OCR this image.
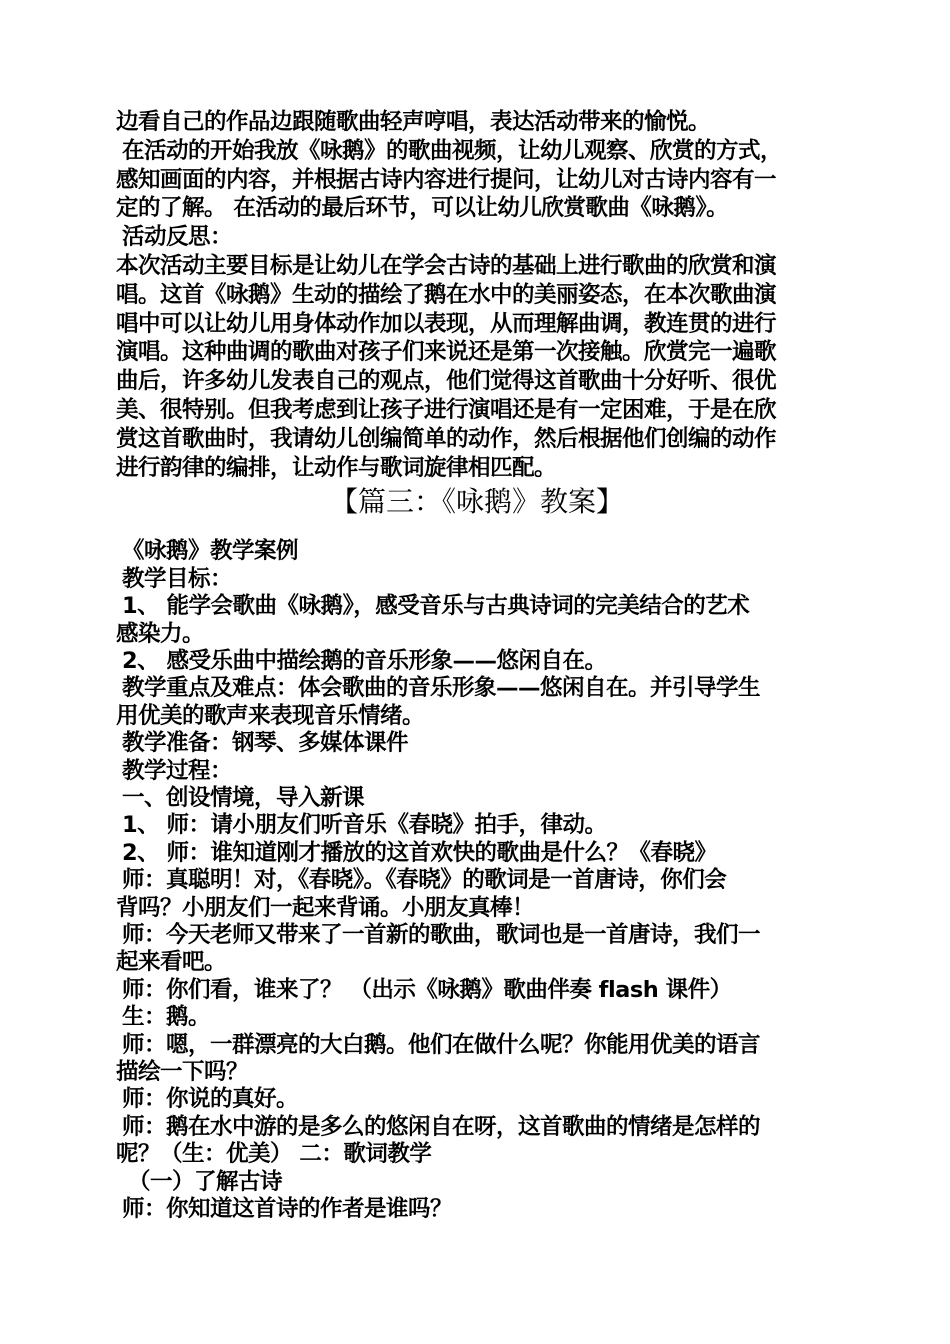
边看自己的作品边跟随歌曲轻声哼唱，表达活动带来的愉悦。

在活动的开始我放《咏鹅》的歌曲视频，让幼儿观察、欣赏的方式，

感知画面的内容，并根据古诗内容进行提问，让幼儿对古诗内容有一

定的了解。 在活动的最后环节，可以让幼儿欣赏歌曲《咏鹅》。

活动反思：

本次活动主要目标是让幼儿在学会古诗的基础上进行歌曲的欣赏和演

唱。这首《咏鹅》生动的描绘了鹅在水中的美丽姿态，在本次歌曲演

唱中可以让幼儿用身体动作加以表现，从而理解曲调，教连贯的进行

演唱。这种曲调的歌曲对孩子们来说还是第一次接触。欣赏完一遍歌

曲后，许多幼儿发表自己的观点，他们觉得这首歌曲十分好听、很优

美、很特别。但我考虑到让孩子进行演唱还是有一定困难，于是在欣

赏这首歌曲时，我请幼儿创编简单的动作，然后根据他们创编的动作

进行韵律的编排，让动作与歌词旋律相匹配。

【篇三：《咏鹅》教案】

《咏鹅》教学案例

教学目标：

1、 能学会歌曲《咏鹅》，感受音乐与古典诗词的完美结合的艺术

感染力。

2、 感受乐曲中描绘鹅的音乐形象——悠闲自在。

教学重点及难点：体会歌曲的音乐形象——悠闲自在。并引导学生

用优美的歌声来表现音乐情绪。

教学准备：钢琴、多媒体课件

教学过程：

一、创设情境，导入新课

1、 师：请小朋友们听音乐《春晓》拍手，律动。

2、 师：谁知道刚才播放的这首欢快的歌曲是什么？《春晓》

师：真聪明！对，《春晓》。《春晓》的歌词是一首唐诗，你们会

背吗？小朋友们一起来背诵。小朋友真棒！

师：今天老师又带来了一首新的歌曲，歌词也是一首唐诗，我们一

起来看吧。

师：你们看，谁来了？ （出示《咏鹅》歌曲伴奏 flash 课件）

生：鹅。

师：嗯，一群漂亮的大白鹅。他们在做什么呢？你能用优美的语言

描绘一下吗？

师：你说的真好。

师：鹅在水中游的是多么的悠闲自在呀，这首歌曲的情绪是怎样的

呢？（生：优美） 二：歌词教学

（一）了解古诗

师：你知道这首诗的作者是谁吗？
